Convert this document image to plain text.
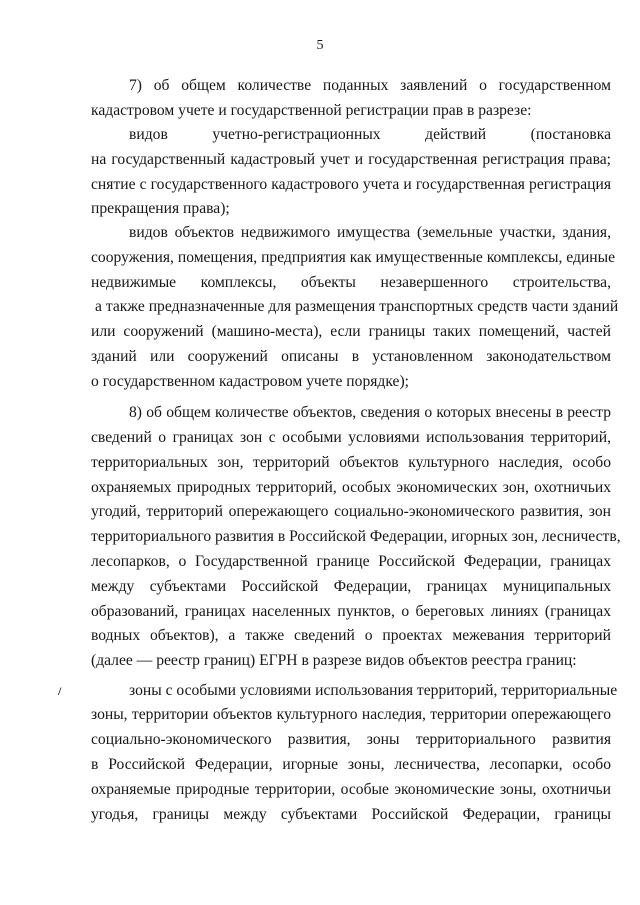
5
/
7) об общем количестве поданных заявлений о государственном
кадастровом учете и государственной регистрации прав в разрезе:
видов учетно-регистрационных действий (постановка
на государственный кадастровый учет и государственная регистрация права;
снятие с государственного кадастрового учета и государственная регистрация
прекращения права);
видов объектов недвижимого имущества (земельные участки, здания,
сооружения, помещения, предприятия как имущественные комплексы, единые
недвижимые комплексы, объекты незавершенного строительства,
а также предназначенные для размещения транспортных средств части зданий
или сооружений (машино-места), если границы таких помещений, частей
зданий или сооружений описаны в установленном законодательством
о государственном кадастровом учете порядке);
8) об общем количестве объектов, сведения о которых внесены в реестр
сведений о границах зон с особыми условиями использования территорий,
территориальных зон, территорий объектов культурного наследия, особо
охраняемых природных территорий, особых экономических зон, охотничьих
угодий, территорий опережающего социально-экономического развития, зон
территориального развития в Российской Федерации, игорных зон, лесничеств,
лесопарков, о Государственной границе Российской Федерации, границах
между субъектами Российской Федерации, границах муниципальных
образований, границах населенных пунктов, о береговых линиях (границах
водных объектов), а также сведений о проектах межевания территорий
(далее — реестр границ) ЕГРН в разрезе видов объектов реестра границ:
зоны с особыми условиями использования территорий, территориальные
зоны, территории объектов культурного наследия, территории опережающего
социально-экономического развития, зоны территориального развития
в Российской Федерации, игорные зоны, лесничества, лесопарки, особо
охраняемые природные территории, особые экономические зоны, охотничьи
угодья, границы между субъектами Российской Федерации, границы
